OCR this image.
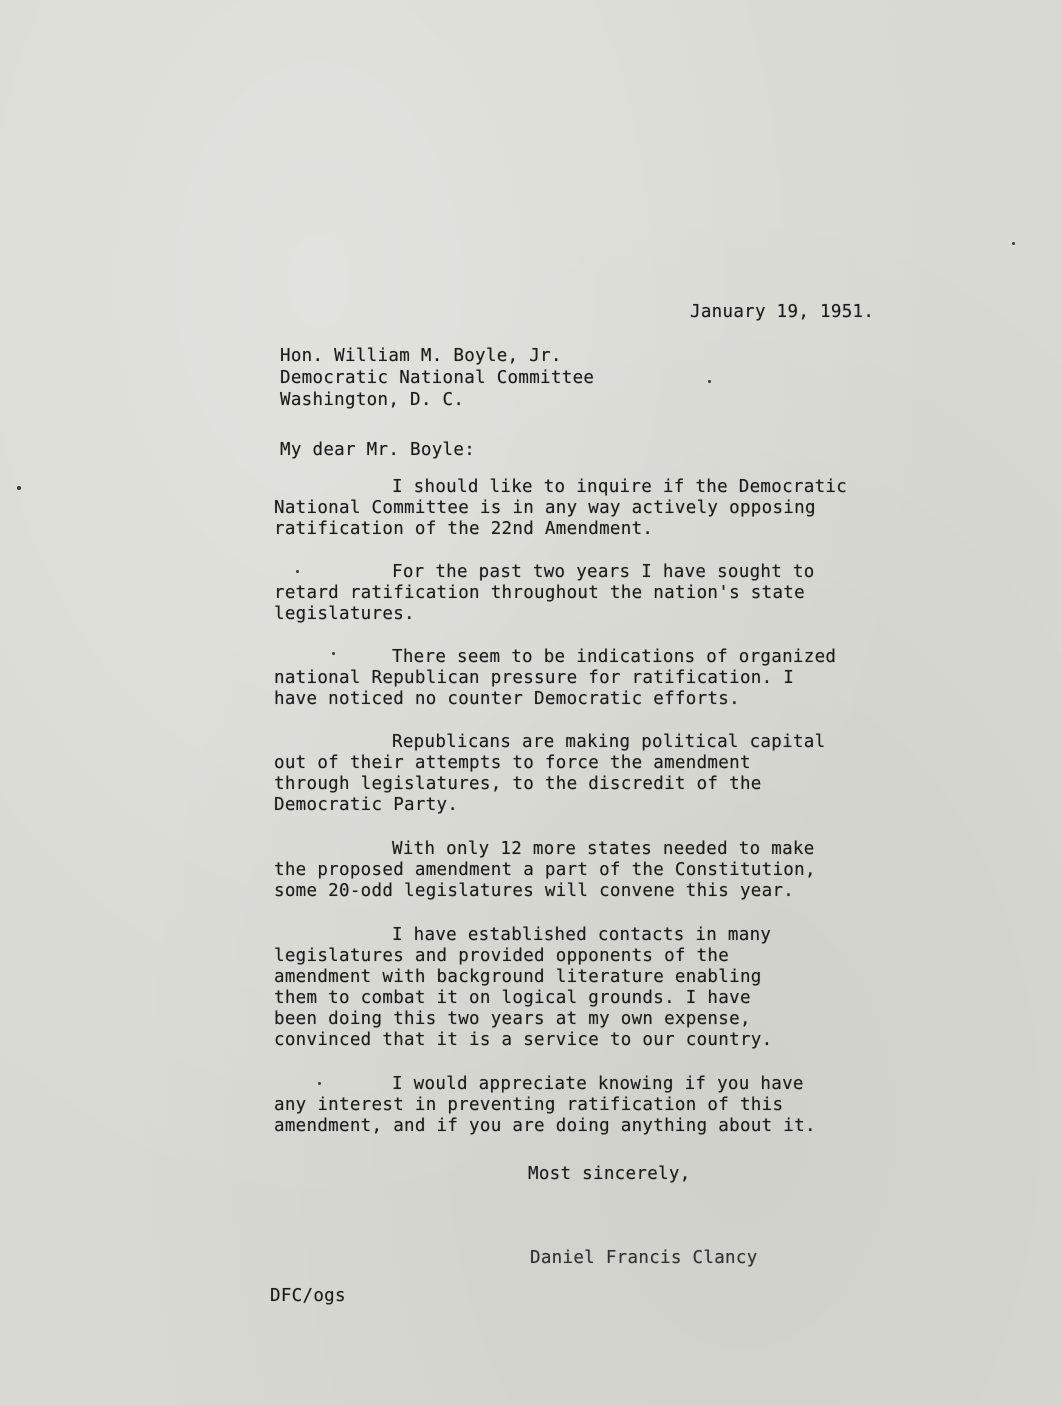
January 19, 1951.

Hon. William M. Boyle, Jr.

Democratic National Committee

Washington, D. C.

My dear Mr. Boyle:

I should like to inquire if the Democratic
National Committee is in any way actively opposing
ratification of the 22nd Amendment.
For the past two years I have sought to
retard ratification throughout the nation's state
legislatures.
There seem to be indications of organized
national Republican pressure for ratification. I
have noticed no counter Democratic efforts.
Republicans are making political capital
out of their attempts to force the amendment
through legislatures, to the discredit of the
Democratic Party.
With only 12 more states needed to make
the proposed amendment a part of the Constitution,
some 20-odd legislatures will convene this year.
I have established contacts in many
legislatures and provided opponents of the
amendment with background literature enabling
them to combat it on logical grounds. I have
been doing this two years at my own expense,
convinced that it is a service to our country.
I would appreciate knowing if you have
any interest in preventing ratification of this
amendment, and if you are doing anything about it.

Most sincerely,

Daniel Francis Clancy

DFC/ogs
